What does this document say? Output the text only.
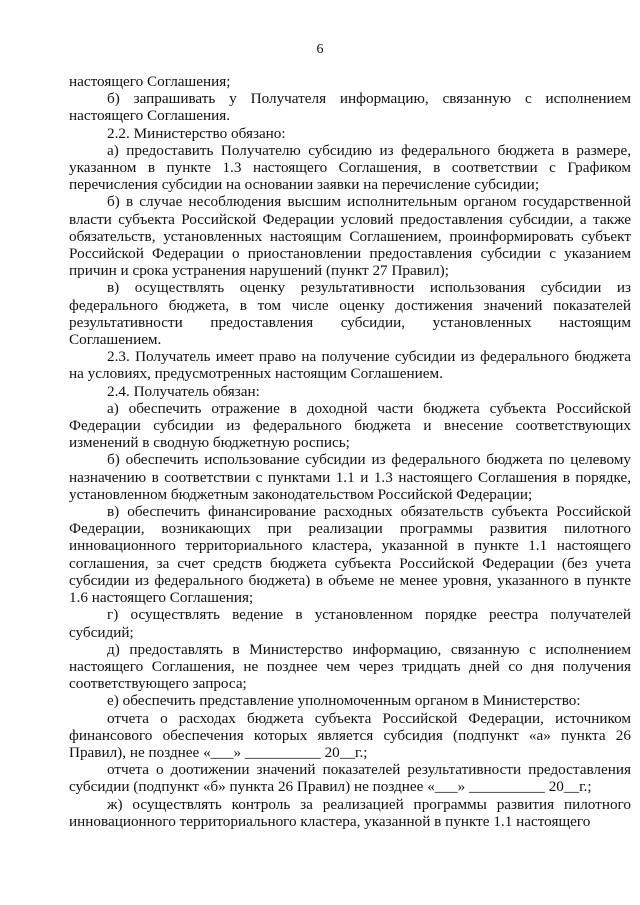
6

настоящего Соглашения;

б) запрашивать у Получателя информацию, связанную с исполнением настоящего Соглашения.

2.2. Министерство обязано:

а) предоставить Получателю субсидию из федерального бюджета в размере, указанном в пункте 1.3 настоящего Соглашения, в соответствии с Графиком перечисления субсидии на основании заявки на перечисление субсидии;

б) в случае несоблюдения высшим исполнительным органом государственной власти субъекта Российской Федерации условий предоставления субсидии, а также обязательств, установленных настоящим Соглашением, проинформировать субъект Российской Федерации о приостановлении предоставления субсидии с указанием причин и срока устранения нарушений (пункт 27 Правил);

в) осуществлять оценку результативности использования субсидии из федерального бюджета, в том числе оценку достижения значений показателей результативности предоставления субсидии, установленных настоящим Соглашением.

2.3. Получатель имеет право на получение субсидии из федерального бюджета на условиях, предусмотренных настоящим Соглашением.

2.4. Получатель обязан:

а) обеспечить отражение в доходной части бюджета субъекта Российской Федерации субсидии из федерального бюджета и внесение соответствующих изменений в сводную бюджетную роспись;

б) обеспечить использование субсидии из федерального бюджета по целевому назначению в соответствии с пунктами 1.1 и 1.3 настоящего Соглашения в порядке, установленном бюджетным законодательством Российской Федерации;

в) обеспечить финансирование расходных обязательств субъекта Российской Федерации, возникающих при реализации программы развития пилотного инновационного территориального кластера, указанной в пункте 1.1 настоящего соглашения, за счет средств бюджета субъекта Российской Федерации (без учета субсидии из федерального бюджета) в объеме не менее уровня, указанного в пункте 1.6 настоящего Соглашения;

г) осуществлять ведение в установленном порядке реестра получателей субсидий;

д) предоставлять в Министерство информацию, связанную с исполнением настоящего Соглашения, не позднее чем через тридцать дней со дня получения соответствующего запроса;

е) обеспечить представление уполномоченным органом в Министерство:

отчета о расходах бюджета субъекта Российской Федерации, источником финансового обеспечения которых является субсидия (подпункт «а» пункта 26 Правил), не позднее «___» __________ 20__г.;

отчета о доотижении значений показателей результативности предоставления субсидии (подпункт «б» пункта 26 Правил) не позднее «___» __________ 20__г.;

ж) осуществлять контроль за реализацией программы развития пилотного инновационного территориального кластера, указанной в пункте 1.1 настоящего
